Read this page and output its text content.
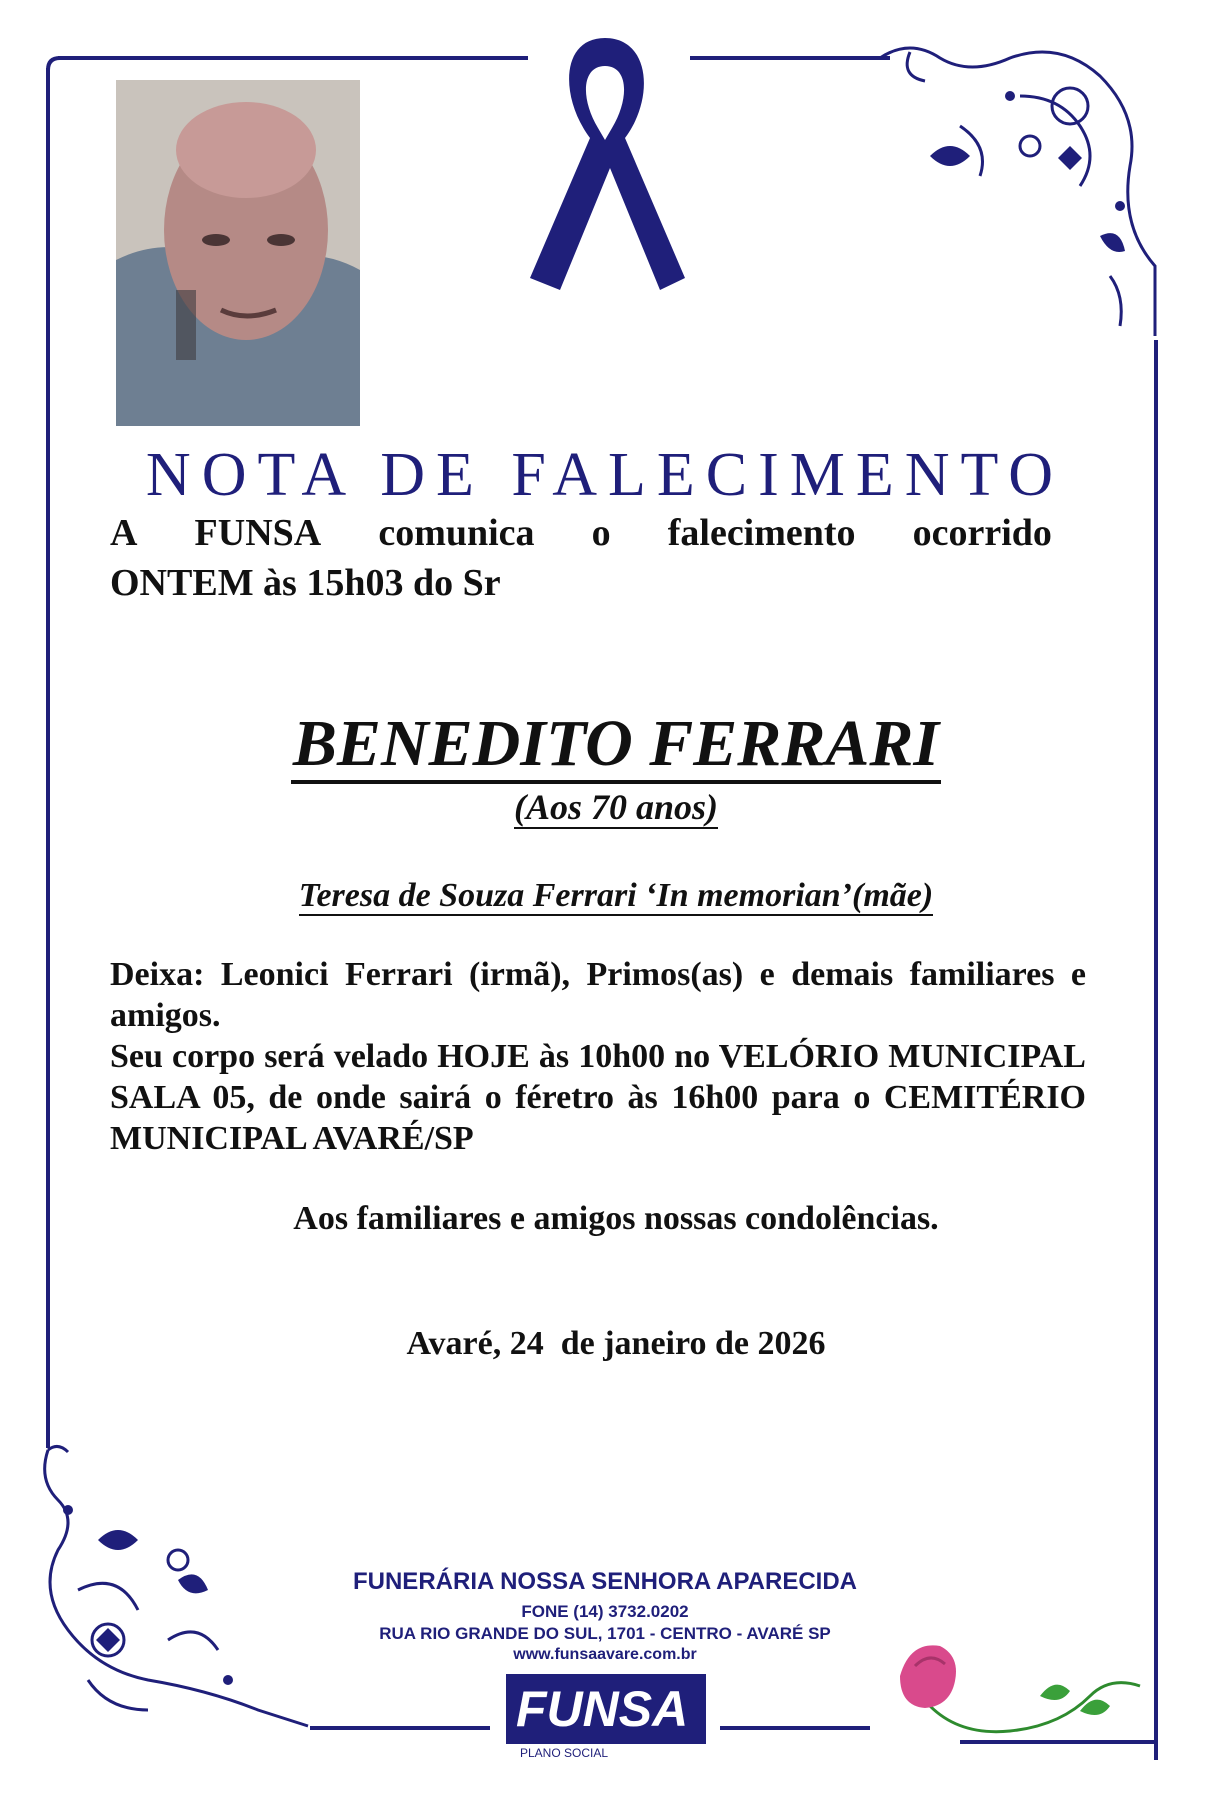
NOTA DE FALECIMENTO
A FUNSA comunica o falecimento ocorrido
ONTEM às 15h03 do Sr
BENEDITO FERRARI
(Aos 70 anos)
Teresa de Souza Ferrari ‘In memorian’(mãe)

Deixa: Leonici Ferrari (irmã), Primos(as) e demais familiares e amigos.

Seu corpo será velado HOJE às 10h00 no VELÓRIO MUNICIPAL SALA 05, de onde sairá o féretro às 16h00 para o CEMITÉRIO MUNICIPAL AVARÉ/SP

Aos familiares e amigos nossas condolências.
Avaré, 24  de janeiro de 2026
FUNERÁRIA NOSSA SENHORA APARECIDA
FONE (14) 3732.0202
RUA RIO GRANDE DO SUL, 1701 - CENTRO - AVARÉ SP
www.funsaavare.com.br
FUNSA
PLANO SOCIAL
